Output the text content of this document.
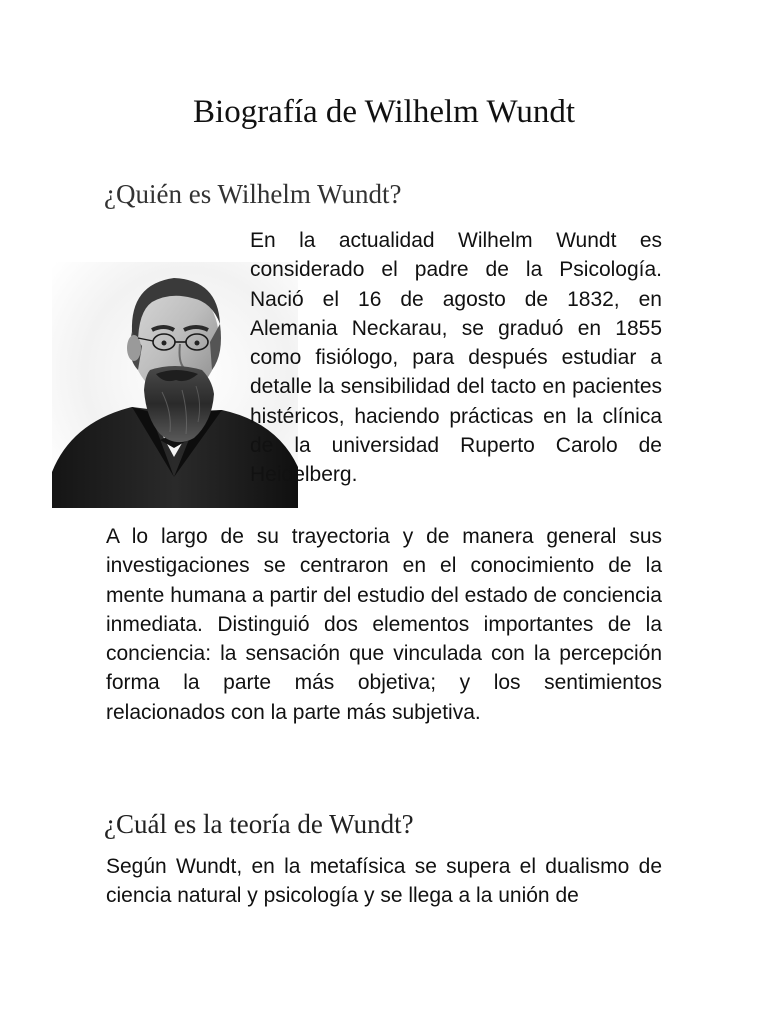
Biografía de Wilhelm Wundt
¿Quién es Wilhelm Wundt?

En la actualidad Wilhelm Wundt es considerado el padre de la Psicología. Nació el 16 de agosto de 1832, en Alemania Neckarau, se graduó en 1855 como fisiólogo, para después estudiar a detalle la sensibilidad del tacto en pacientes histéricos, haciendo prácticas en la clínica de la universidad Ruperto Carolo de Heidelberg.

A lo largo de su trayectoria y de manera general sus investigaciones se centraron en el conocimiento de la mente humana a partir del estudio del estado de conciencia inmediata. Distinguió dos elementos importantes de la conciencia: la sensación que vinculada con la percepción forma la parte más objetiva; y los sentimientos relacionados con la parte más subjetiva.

¿Cuál es la teoría de Wundt?

Según Wundt, en la metafísica se supera el dualismo de ciencia natural y psicología y se llega a la unión de
